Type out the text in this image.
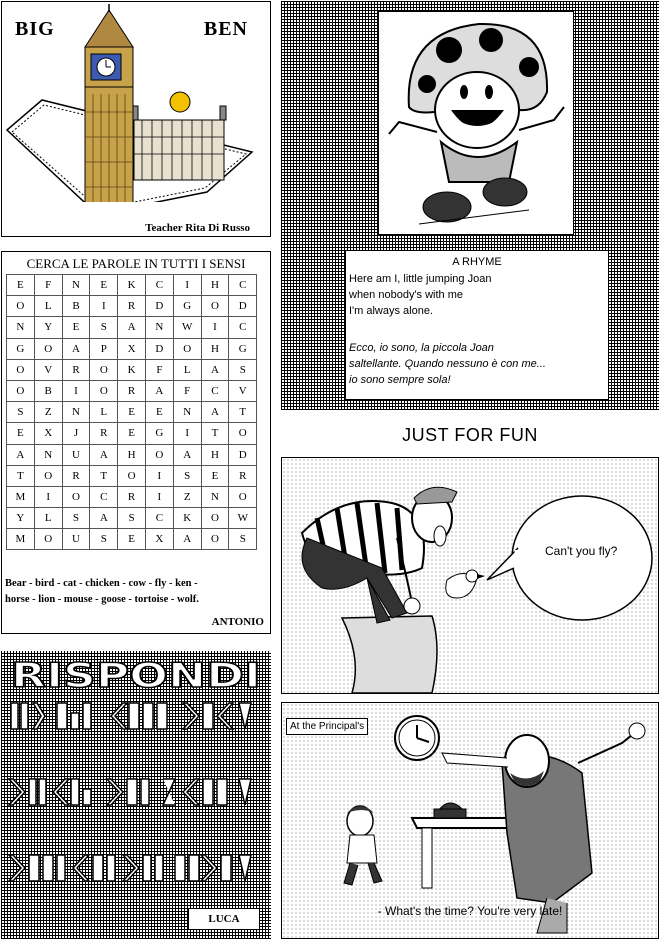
BIG	BEN
Teacher Rita Di Russo
CERCA LE PAROLE IN TUTTI I SENSI
E	F	N	E	K	C	I	H	C
O	L	B	I	R	D	G	O	D
N	Y	E	S	A	N	W	I	C
G	O	A	P	X	D	O	H	G
O	V	R	O	K	F	L	A	S
O	B	I	O	R	A	F	C	V
S	Z	N	L	E	E	N	A	T
E	X	J	R	E	G	I	T	O
A	N	U	A	H	O	A	H	D
T	O	R	T	O	I	S	E	R
M	I	O	C	R	I	Z	N	O
Y	L	S	A	S	C	K	O	W
M	O	U	S	E	X	A	O	S
Bear - bird - cat - chicken - cow - fly - ken -
horse - lion - mouse - goose - tortoise - wolf.
ANTONIO
RISPONDI
LUCA
A RHYME
Here am I, little jumping Joan
when nobody's with me
I'm always alone.
Ecco, io sono, la piccola Joan
saltellante. Quando nessuno è con me...
io sono sempre sola!
JUST FOR FUN
Can't you fly?
At the Principal's
- What's the time? You're very late!
